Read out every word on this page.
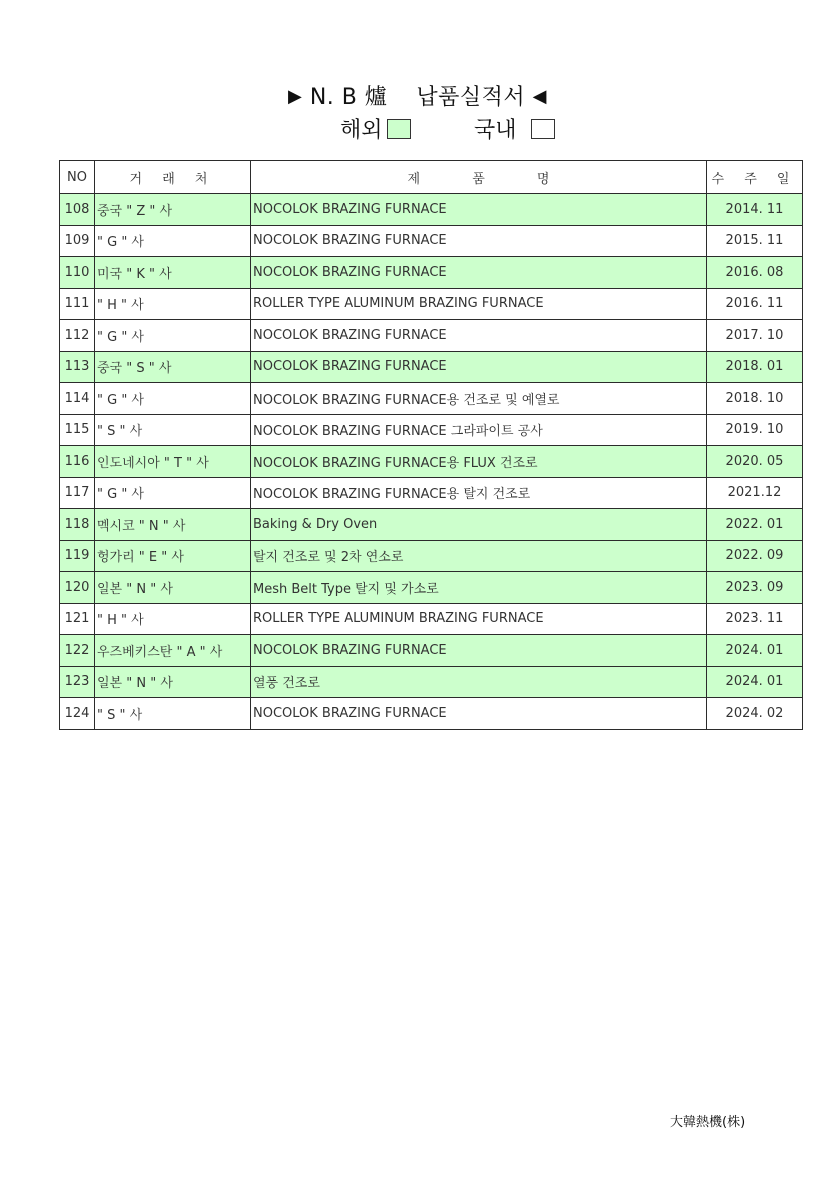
▶ N. B 爐 납품실적서 ◀
해외	국내
NO	거 래 처	제 품 명	수 주 일
108	중국 " Z " 사	NOCOLOK BRAZING FURNACE	2014. 11
109	" G " 사	NOCOLOK BRAZING FURNACE	2015. 11
110	미국 " K " 사	NOCOLOK BRAZING FURNACE	2016. 08
111	" H " 사	ROLLER TYPE ALUMINUM BRAZING FURNACE	2016. 11
112	" G " 사	NOCOLOK BRAZING FURNACE	2017. 10
113	중국 " S " 사	NOCOLOK BRAZING FURNACE	2018. 01
114	" G " 사	NOCOLOK BRAZING FURNACE용 건조로 및 예열로	2018. 10
115	" S " 사	NOCOLOK BRAZING FURNACE 그라파이트 공사	2019. 10
116	인도네시아 " T " 사	NOCOLOK BRAZING FURNACE용 FLUX 건조로	2020. 05
117	" G " 사	NOCOLOK BRAZING FURNACE용 탈지 건조로	2021.12
118	멕시코 " N " 사	Baking & Dry Oven	2022. 01
119	헝가리 " E " 사	탈지 건조로 및 2차 연소로	2022. 09
120	일본 " N " 사	Mesh Belt Type 탈지 및 가소로	2023. 09
121	" H " 사	ROLLER TYPE ALUMINUM BRAZING FURNACE	2023. 11
122	우즈베키스탄 " A " 사	NOCOLOK BRAZING FURNACE	2024. 01
123	일본 " N " 사	열풍 건조로	2024. 01
124	" S " 사	NOCOLOK BRAZING FURNACE	2024. 02
大韓熱機(株)
